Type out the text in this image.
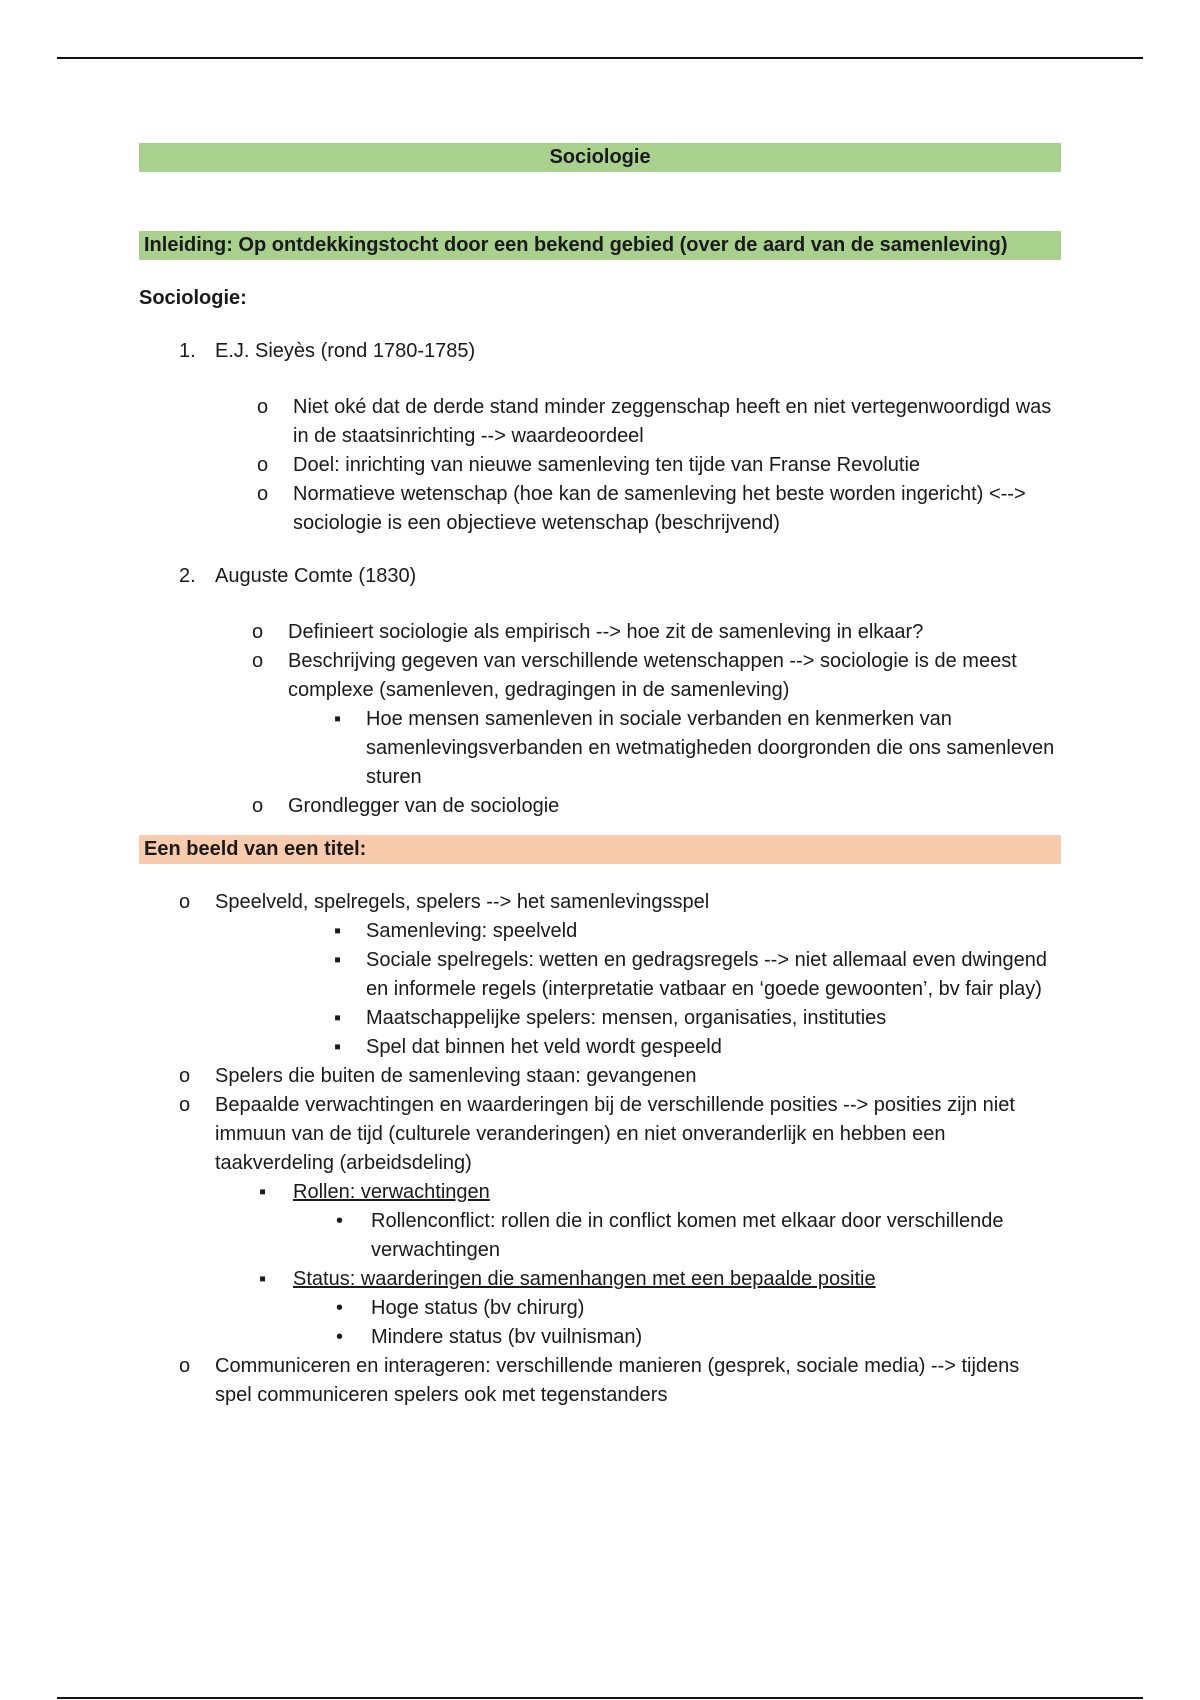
Sociologie
Inleiding: Op ontdekkingstocht door een bekend gebied (over de aard van de samenleving)
Sociologie:
1. E.J. Sieyès (rond 1780-1785)
o Niet oké dat de derde stand minder zeggenschap heeft en niet vertegenwoordigd was in de staatsinrichting --> waardeoordeel
o Doel: inrichting van nieuwe samenleving ten tijde van Franse Revolutie
o Normatieve wetenschap (hoe kan de samenleving het beste worden ingericht) <--> sociologie is een objectieve wetenschap (beschrijvend)
2. Auguste Comte (1830)
o Definieert sociologie als empirisch --> hoe zit de samenleving in elkaar?
o Beschrijving gegeven van verschillende wetenschappen --> sociologie is de meest complexe (samenleven, gedragingen in de samenleving)
▪ Hoe mensen samenleven in sociale verbanden en kenmerken van samenlevingsverbanden en wetmatigheden doorgronden die ons samenleven sturen
o Grondlegger van de sociologie
Een beeld van een titel:
o Speelveld, spelregels, spelers --> het samenlevingsspel
▪ Samenleving: speelveld
▪ Sociale spelregels: wetten en gedragsregels --> niet allemaal even dwingend en informele regels (interpretatie vatbaar en ‘goede gewoonten’, bv fair play)
▪ Maatschappelijke spelers: mensen, organisaties, instituties
▪ Spel dat binnen het veld wordt gespeeld
o Spelers die buiten de samenleving staan: gevangenen
o Bepaalde verwachtingen en waarderingen bij de verschillende posities --> posities zijn niet immuun van de tijd (culturele veranderingen) en niet onveranderlijk en hebben een taakverdeling (arbeidsdeling)
▪ Rollen: verwachtingen
• Rollenconflict: rollen die in conflict komen met elkaar door verschillende verwachtingen
▪ Status: waarderingen die samenhangen met een bepaalde positie
• Hoge status (bv chirurg)
• Mindere status (bv vuilnisman)
o Communiceren en interageren: verschillende manieren (gesprek, sociale media) --> tijdens spel communiceren spelers ook met tegenstanders
